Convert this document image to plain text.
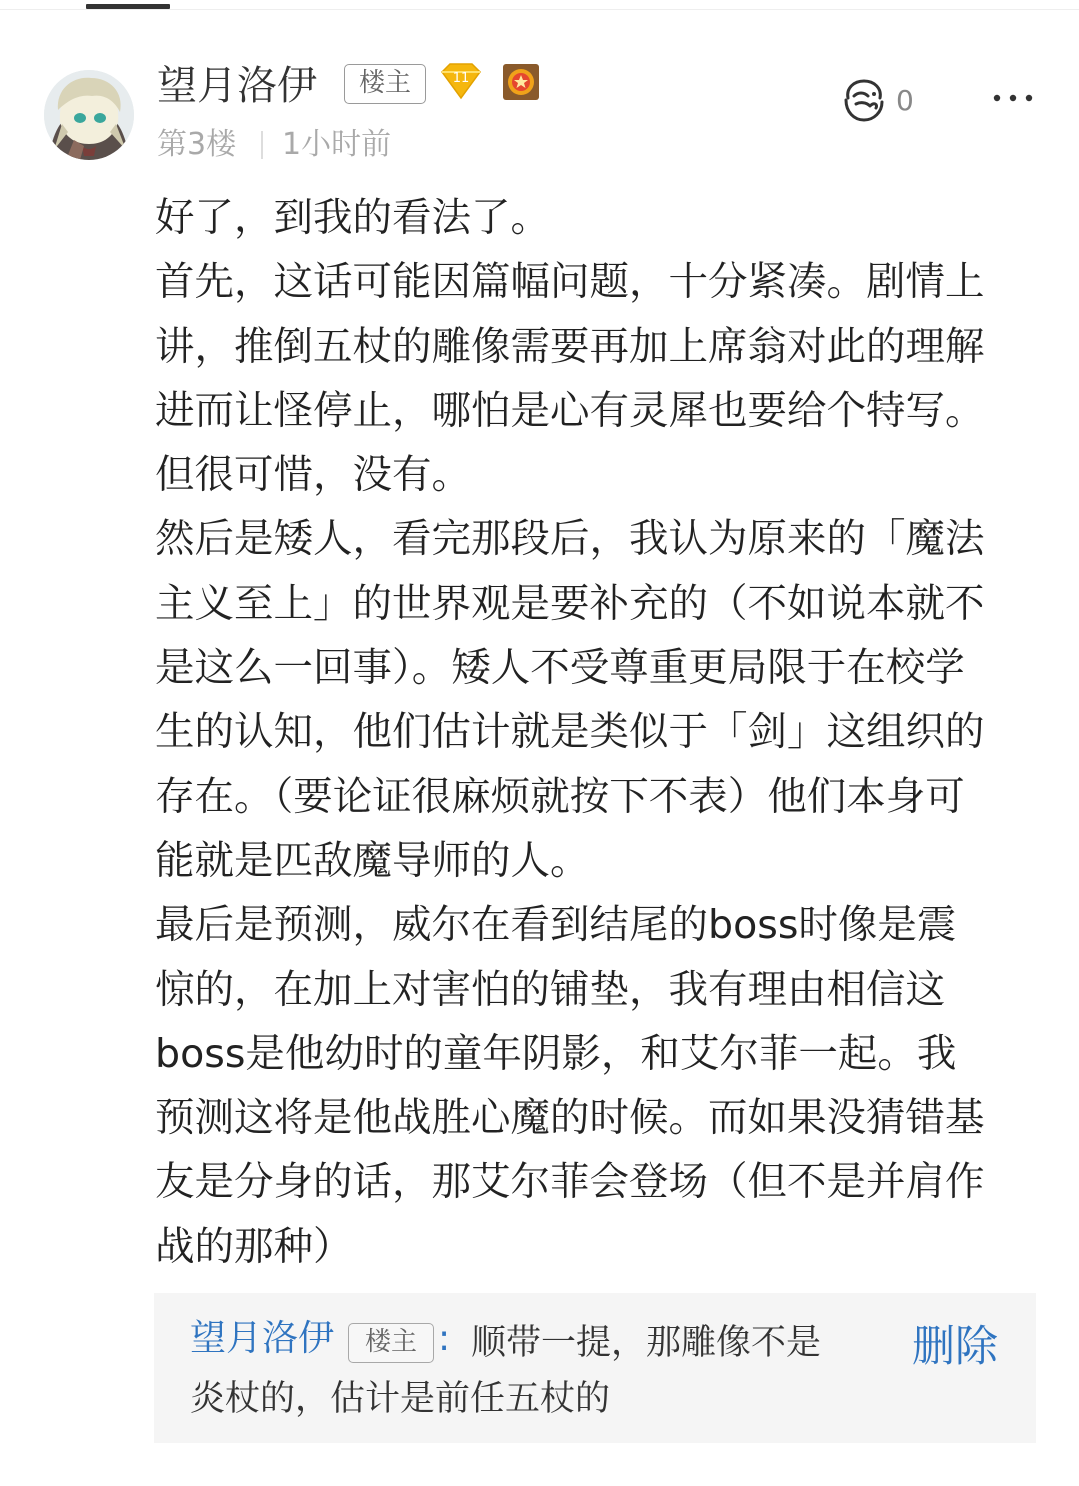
望月洛伊	楼主	11
第3楼 1小时前
0
好了，到我的看法了。
首先，这话可能因篇幅问题，十分紧凑。剧情上
讲，推倒五杖的雕像需要再加上席翁对此的理解
进而让怪停止，哪怕是心有灵犀也要给个特写。
但很可惜，没有。
然后是矮人，看完那段后，我认为原来的「魔法
主义至上」的世界观是要补充的（不如说本就不
是这么一回事）。矮人不受尊重更局限于在校学
生的认知，他们估计就是类似于「剑」这组织的
存在。（要论证很麻烦就按下不表）他们本身可
能就是匹敌魔导师的人。
最后是预测，威尔在看到结尾的boss时像是震
惊的，在加上对害怕的铺垫，我有理由相信这
boss是他幼时的童年阴影，和艾尔菲一起。我
预测这将是他战胜心魔的时候。而如果没猜错基
友是分身的话，那艾尔菲会登场（但不是并肩作
战的那种）
望月洛伊	楼主 : 顺带一提，那雕像不是
炎杖的，估计是前任五杖的
删除
